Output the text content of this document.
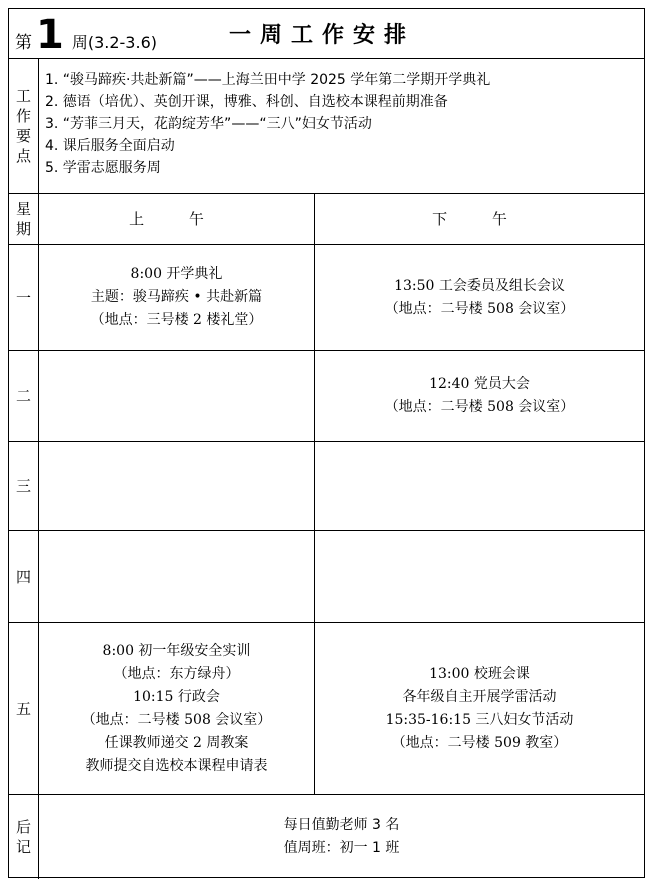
第 1 周(3.2-3.6)	一周工作安排
工
作
要
点
1. “骏马蹄疾·共赴新篇”——上海兰田中学 2025 学年第二学期开学典礼
2. 德语（培优）、英创开课，博雅、科创、自选校本课程前期准备
3. “芳菲三月天，花韵绽芳华”——“三八”妇女节活动
4. 课后服务全面启动
5. 学雷志愿服务周
星
期
上 午	下 午
一
8:00 开学典礼
主题：骏马蹄疾 • 共赴新篇
（地点：三号楼 2 楼礼堂）
13:50 工会委员及组长会议
（地点：二号楼 508 会议室）
二
12:40 党员大会
（地点：二号楼 508 会议室）
三
四
五
8:00 初一年级安全实训
（地点：东方绿舟）
10:15 行政会
（地点：二号楼 508 会议室）
任课教师递交 2 周教案
教师提交自选校本课程申请表
13:00 校班会课
各年级自主开展学雷活动
15:35-16:15 三八妇女节活动
（地点：二号楼 509 教室）
后
记
每日值勤老师 3 名
值周班：初一 1 班
